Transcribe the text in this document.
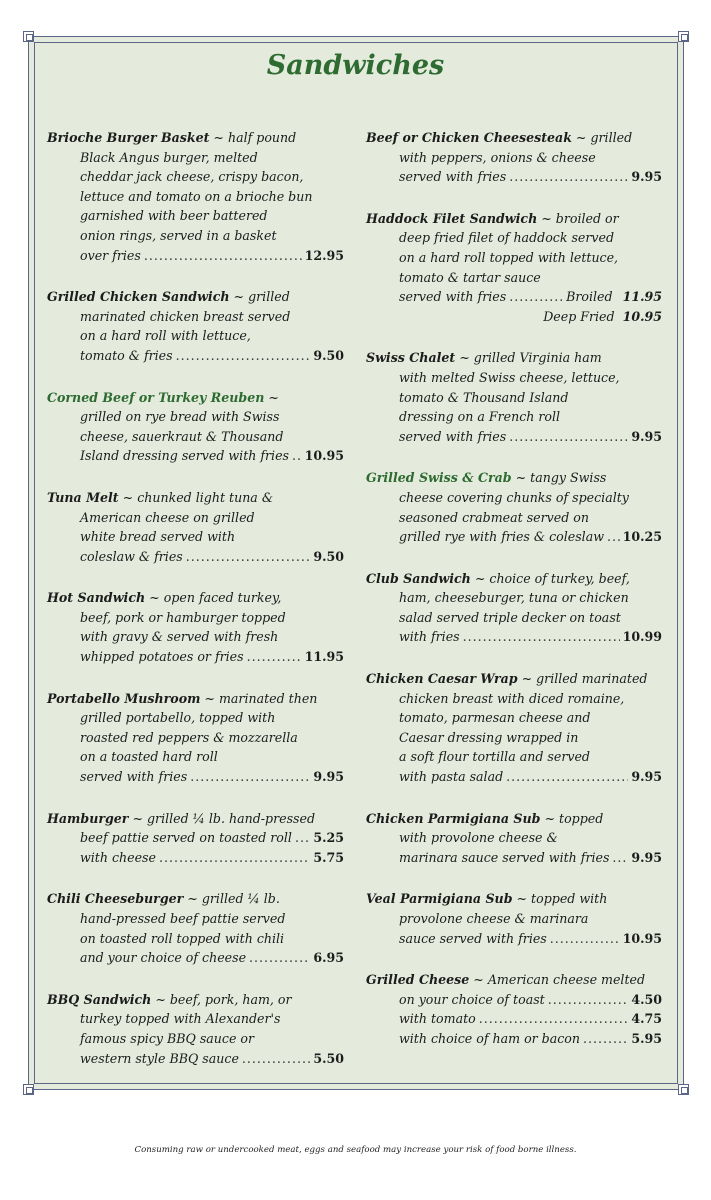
Sandwiches
Brioche Burger Basket ~ half pound
Black Angus burger, melted
cheddar jack cheese, crispy bacon,
lettuce and tomato on a brioche bun
garnished with beer battered
onion rings, served in a basket
over fries .....	12.95
Grilled Chicken Sandwich ~ grilled
marinated chicken breast served
on a hard roll with lettuce,
tomato & fries .....	9.50
Corned Beef or Turkey Reuben ~
grilled on rye bread with Swiss
cheese, sauerkraut & Thousand
Island dressing served with fries ..... 10.95
Tuna Melt ~ chunked light tuna &
American cheese on grilled
white bread served with
coleslaw & fries .....	9.50
Hot Sandwich ~ open faced turkey,
beef, pork or hamburger topped
with gravy & served with fresh
whipped potatoes or fries .....	11.95
Portabello Mushroom ~ marinated then
grilled portabello, topped with
roasted red peppers & mozzarella
on a toasted hard roll
served with fries .....	9.95
Hamburger ~ grilled ¼ lb. hand-pressed
beef pattie served on toasted roll ..... 5.25
with cheese .....	5.75
Chili Cheeseburger ~ grilled ¼ lb.
hand-pressed beef pattie served
on toasted roll topped with chili
and your choice of cheese .....	6.95
BBQ Sandwich ~ beef, pork, ham, or
turkey topped with Alexander's
famous spicy BBQ sauce or
western style BBQ sauce .....	5.50
Beef or Chicken Cheesesteak ~ grilled
with peppers, onions & cheese
served with fries .....	9.95
Haddock Filet Sandwich ~ broiled or
deep fried filet of haddock served
on a hard roll topped with lettuce,
tomato & tartar sauce
served with fries .....	Broiled 11.95
Deep Fried 10.95
Swiss Chalet ~ grilled Virginia ham
with melted Swiss cheese, lettuce,
tomato & Thousand Island
dressing on a French roll
served with fries .....	9.95
Grilled Swiss & Crab ~ tangy Swiss
cheese covering chunks of specialty
seasoned crabmeat served on
grilled rye with fries & coleslaw ..... 10.25
Club Sandwich ~ choice of turkey, beef,
ham, cheeseburger, tuna or chicken
salad served triple decker on toast
with fries .....	10.99
Chicken Caesar Wrap ~ grilled marinated
chicken breast with diced romaine,
tomato, parmesan cheese and
Caesar dressing wrapped in
a soft flour tortilla and served
with pasta salad .....	9.95
Chicken Parmigiana Sub ~ topped
with provolone cheese &
marinara sauce served with fries ..... 9.95
Veal Parmigiana Sub ~ topped with
provolone cheese & marinara
sauce served with fries .....	10.95
Grilled Cheese ~ American cheese melted
on your choice of toast .....	4.50
with tomato .....	4.75
with choice of ham or bacon .....	5.95
Consuming raw or undercooked meat, eggs and seafood may increase your risk of food borne illness.
